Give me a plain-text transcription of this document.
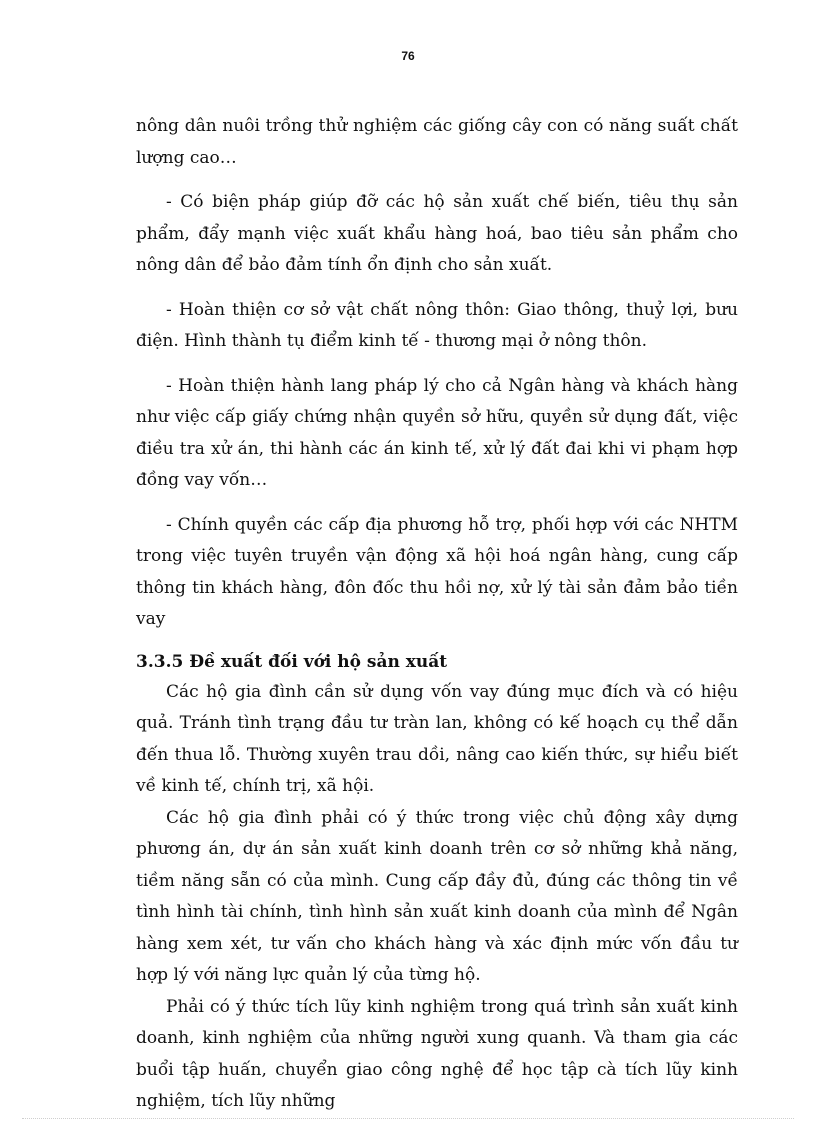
76

nông dân nuôi trồng thử nghiệm các giống cây con có năng suất chất lượng cao…

- Có biện pháp giúp đỡ các hộ sản xuất chế biến, tiêu thụ sản phẩm, đẩy mạnh việc xuất khẩu hàng hoá, bao tiêu sản phẩm cho nông dân để bảo đảm tính ổn định cho sản xuất.

- Hoàn thiện cơ sở vật chất nông thôn: Giao thông, thuỷ lợi, bưu điện. Hình thành tụ điểm kinh tế - thương mại ở nông thôn.

- Hoàn thiện hành lang pháp lý cho cả Ngân hàng và khách hàng như việc cấp giấy chứng nhận quyền sở hữu, quyền sử dụng đất, việc điều tra xử án, thi hành các án kinh tế, xử lý đất đai khi vi phạm hợp đồng vay vốn…

- Chính quyền các cấp địa phương hỗ trợ, phối hợp với các NHTM trong việc tuyên truyền vận động xã hội hoá ngân hàng, cung cấp thông tin khách hàng, đôn đốc thu hồi nợ, xử lý tài sản đảm bảo tiền vay

3.3.5 Đề xuất đối với hộ sản xuất

Các hộ gia đình cần sử dụng vốn vay đúng mục đích và có hiệu quả. Tránh tình trạng đầu tư tràn lan, không có kế hoạch cụ thể dẫn đến thua lỗ. Thường xuyên trau dồi, nâng cao kiến thức, sự hiểu biết về kinh tế, chính trị, xã hội.

Các hộ gia đình phải có ý thức trong việc chủ động xây dựng phương án, dự án sản xuất kinh doanh trên cơ sở những khả năng, tiềm năng sẵn có của mình. Cung cấp đầy đủ, đúng các thông tin về tình hình tài chính, tình hình sản xuất kinh doanh của mình để Ngân hàng xem xét, tư vấn cho khách hàng và xác định mức vốn đầu tư hợp lý với năng lực quản lý của từng hộ.

Phải có ý thức tích lũy kinh nghiệm trong quá trình sản xuất kinh doanh, kinh nghiệm của những người xung quanh. Và tham gia các buổi tập huấn, chuyển giao công nghệ để học tập cà tích lũy kinh nghiệm, tích lũy những
